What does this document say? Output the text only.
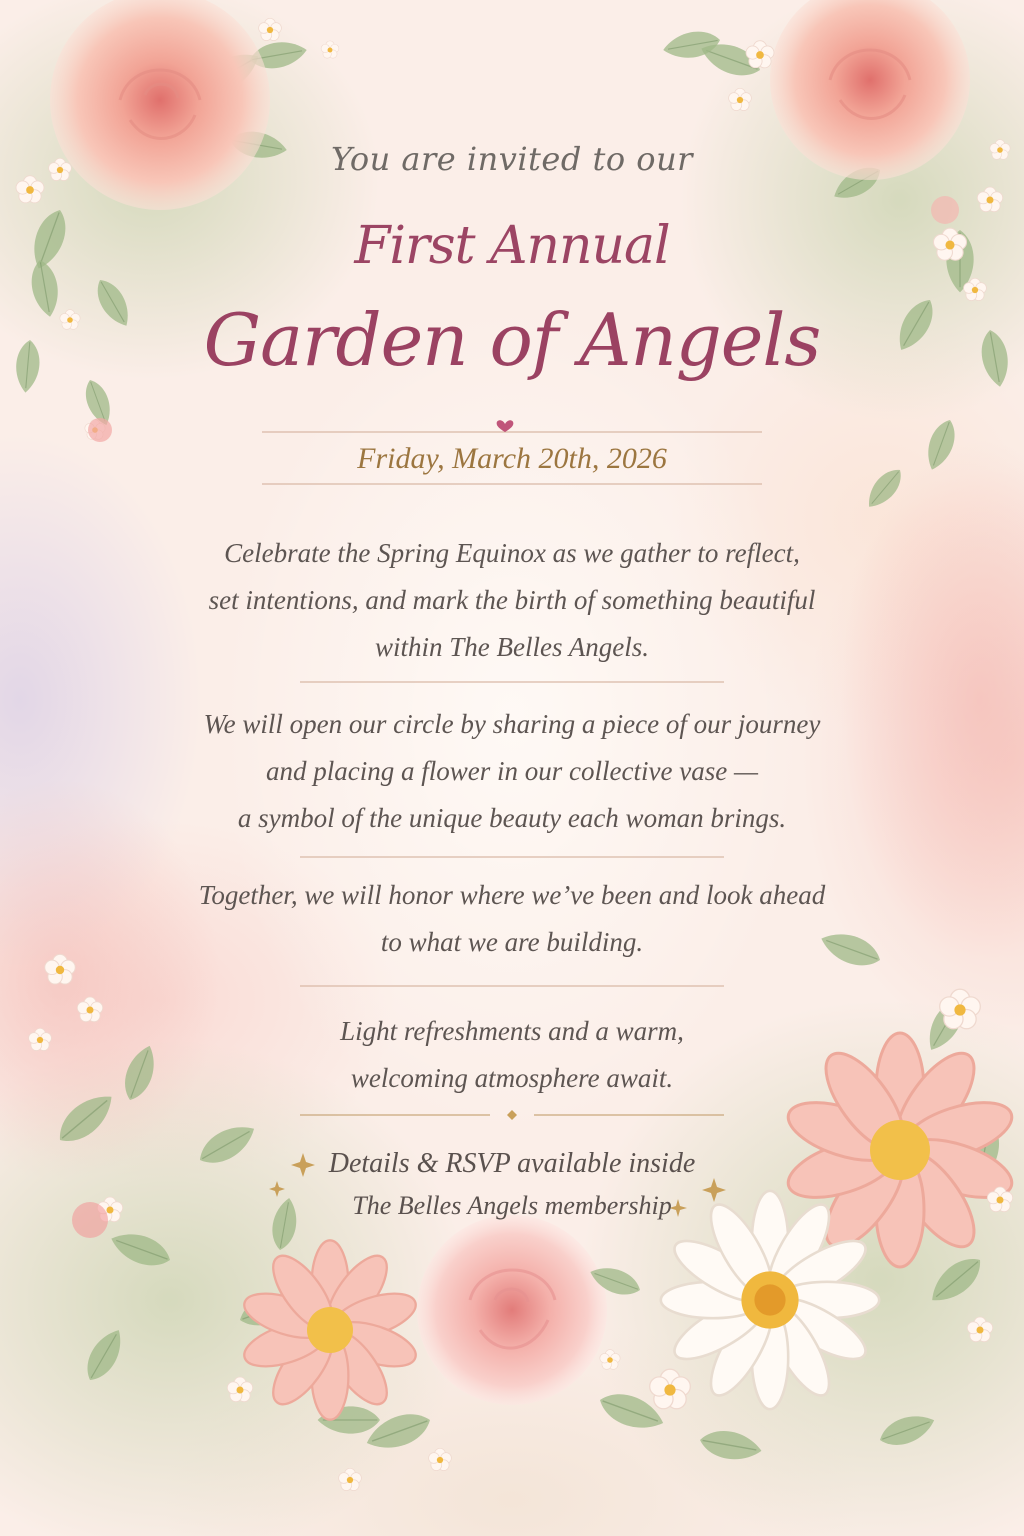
You are invited to our

First Annual

Garden of Angels

Friday, March 20th, 2026

Celebrate the Spring Equinox as we gather to reflect,
set intentions, and mark the birth of something beautiful
within The Belles Angels.
We will open our circle by sharing a piece of our journey
and placing a flower in our collective vase —
a symbol of the unique beauty each woman brings.
Together, we will honor where we’ve been and look ahead
to what we are building.
Light refreshments and a warm,
welcoming atmosphere await.

Details & RSVP available inside

The Belles Angels membership
